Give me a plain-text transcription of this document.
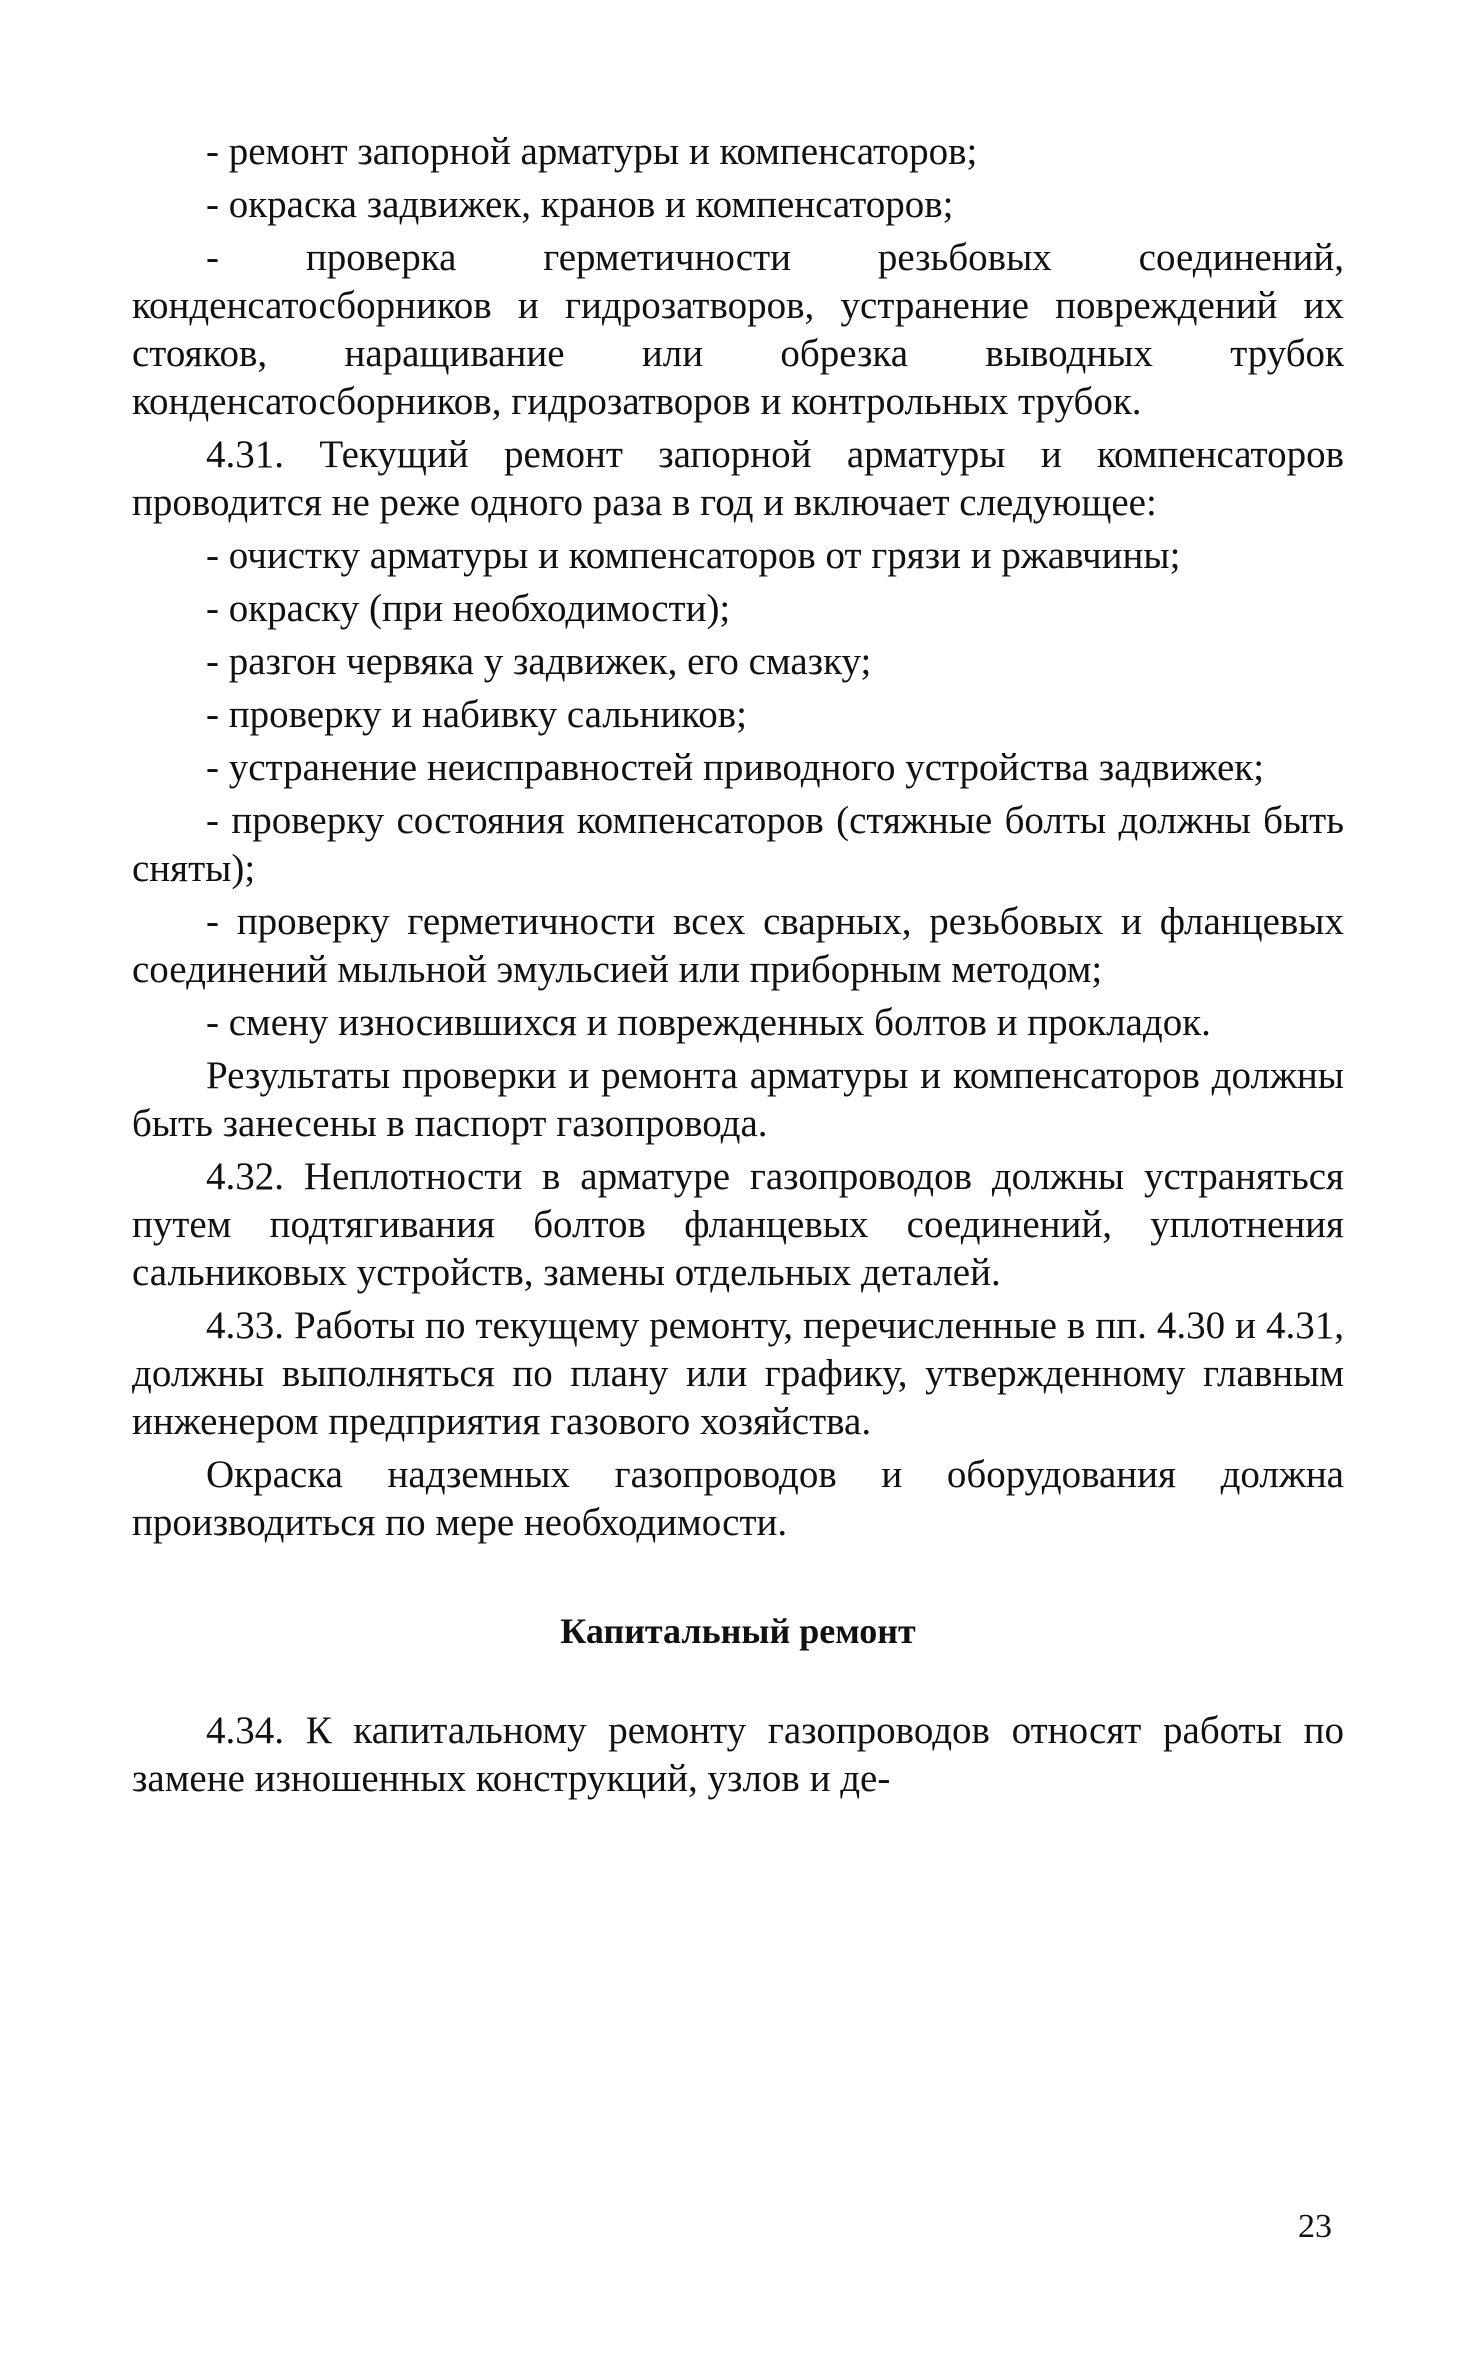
- ремонт запорной арматуры и компенсаторов;

- окраска задвижек, кранов и компенсаторов;

- проверка герметичности резьбовых соединений, конденсатосборников и гидрозатворов, устранение повреждений их стояков, наращивание или обрезка выводных трубок конденсатосборников, гидрозатворов и контрольных трубок.

4.31. Текущий ремонт запорной арматуры и компенсаторов проводится не реже одного раза в год и включает следующее:

- очистку арматуры и компенсаторов от грязи и ржавчины;

- окраску (при необходимости);

- разгон червяка у задвижек, его смазку;

- проверку и набивку сальников;

- устранение неисправностей приводного устройства задвижек;

- проверку состояния компенсаторов (стяжные болты должны быть сняты);

- проверку герметичности всех сварных, резьбовых и фланцевых соединений мыльной эмульсией или приборным методом;

- смену износившихся и поврежденных болтов и прокладок.

Результаты проверки и ремонта арматуры и компенсаторов должны быть занесены в паспорт газопровода.

4.32. Неплотности в арматуре газопроводов должны устраняться путем подтягивания болтов фланцевых соединений, уплотнения сальниковых устройств, замены отдельных деталей.

4.33. Работы по текущему ремонту, перечисленные в пп. 4.30 и 4.31, должны выполняться по плану или графику, утвержденному главным инженером предприятия газового хозяйства.

Окраска надземных газопроводов и оборудования должна производиться по мере необходимости.

Капитальный ремонт

4.34. К капитальному ремонту газопроводов относят работы по замене изношенных конструкций, узлов и де-

23
